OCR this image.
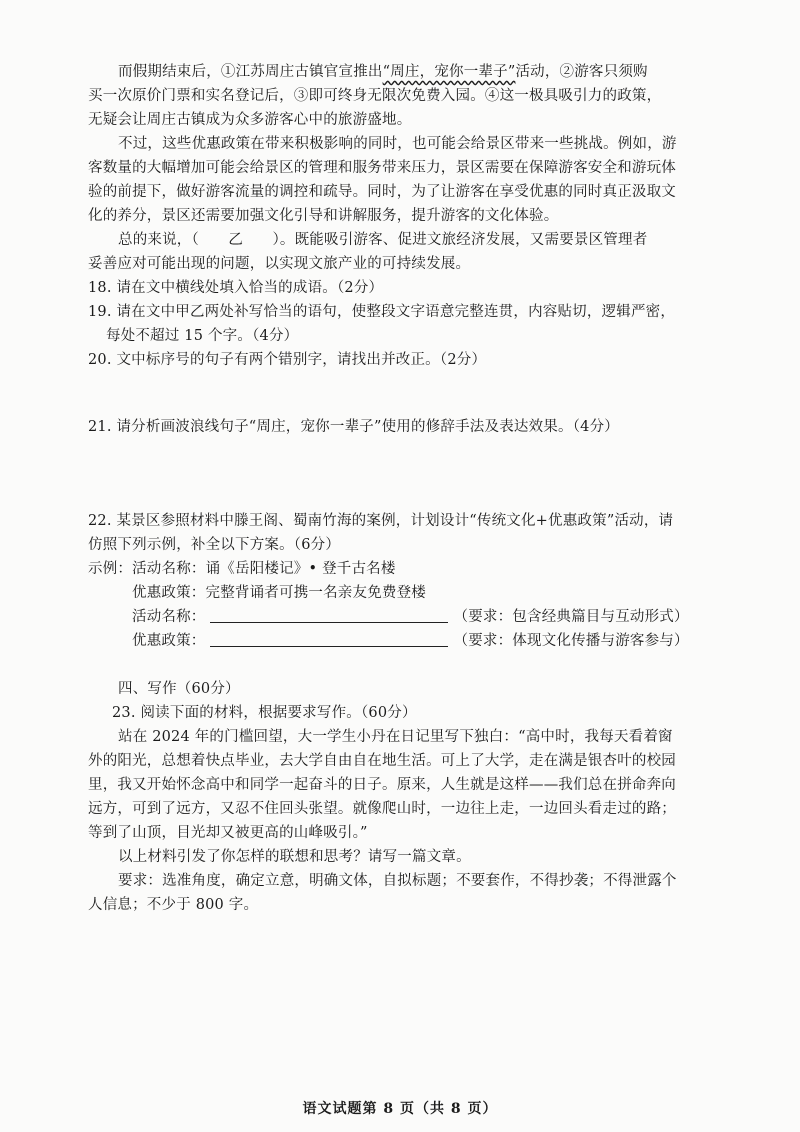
而假期结束后，①江苏周庄古镇官宣推出“周庄，宠你一辈子”活动，②游客只须购
买一次原价门票和实名登记后，③即可终身无限次免费入园。④这一极具吸引力的政策，
无疑会让周庄古镇成为众多游客心中的旅游盛地。
不过，这些优惠政策在带来积极影响的同时，也可能会给景区带来一些挑战。例如，游
客数量的大幅增加可能会给景区的管理和服务带来压力，景区需要在保障游客安全和游玩体
验的前提下，做好游客流量的调控和疏导。同时，为了让游客在享受优惠的同时真正汲取文
化的养分，景区还需要加强文化引导和讲解服务，提升游客的文化体验。
总的来说，（　　乙　　）。既能吸引游客、促进文旅经济发展，又需要景区管理者
妥善应对可能出现的问题，以实现文旅产业的可持续发展。
18. 请在文中横线处填入恰当的成语。（2分）
19. 请在文中甲乙两处补写恰当的语句，使整段文字语意完整连贯，内容贴切，逻辑严密，
每处不超过 15 个字。（4分）
20. 文中标序号的句子有两个错别字，请找出并改正。（2分）
21. 请分析画波浪线句子“周庄，宠你一辈子”使用的修辞手法及表达效果。（4分）
22. 某景区参照材料中滕王阁、蜀南竹海的案例，计划设计“传统文化+优惠政策”活动，请
仿照下列示例，补全以下方案。（6分）
示例：活动名称：诵《岳阳楼记》• 登千古名楼
优惠政策：完整背诵者可携一名亲友免费登楼
活动名称：	（要求：包含经典篇目与互动形式）
优惠政策：	（要求：体现文化传播与游客参与）
四、写作（60分）
23. 阅读下面的材料，根据要求写作。（60分）
站在 2024 年的门槛回望，大一学生小丹在日记里写下独白：“高中时，我每天看着窗
外的阳光，总想着快点毕业，去大学自由自在地生活。可上了大学，走在满是银杏叶的校园
里，我又开始怀念高中和同学一起奋斗的日子。原来，人生就是这样——我们总在拼命奔向
远方，可到了远方，又忍不住回头张望。就像爬山时，一边往上走，一边回头看走过的路；
等到了山顶，目光却又被更高的山峰吸引。”
以上材料引发了你怎样的联想和思考？请写一篇文章。
要求：选准角度，确定立意，明确文体，自拟标题；不要套作，不得抄袭；不得泄露个
人信息；不少于 800 字。
语文试题第 8 页（共 8 页）
